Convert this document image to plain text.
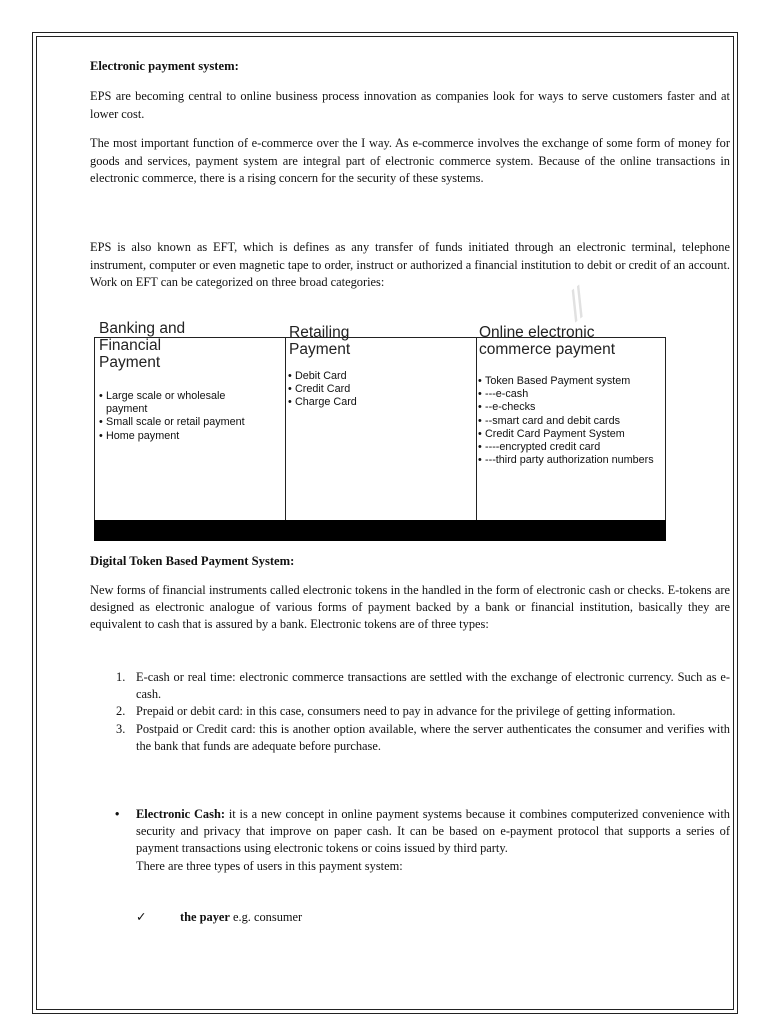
⁄⁄
Electronic payment system:

EPS are becoming central to online business process innovation as companies look for ways to serve customers faster and at lower cost.

The most important function of e-commerce over the I way. As e-commerce involves the exchange of some form of money for goods and services, payment system are integral part of electronic commerce system. Because of the online transactions in electronic commerce, there is a rising concern for the security of these systems.

EPS is also known as EFT, which is defines as any transfer of funds initiated through an electronic terminal, telephone instrument, computer or even magnetic tape to order, instruct or authorized a financial institution to debit or credit of an account. Work on EFT can be categorized on three broad categories:

Banking and
Financial
Payment
Retailing
Payment
Online electronic
commerce payment
• Large scale or wholesale payment
• Small scale or retail payment
• Home payment
• Debit Card
• Credit Card
• Charge Card
• Token Based Payment system
• ---e-cash
• --e-checks
• --smart card and debit cards
• Credit Card Payment System
• ----encrypted credit card
• ---third party authorization numbers
Digital Token Based Payment System:

New forms of financial instruments called electronic tokens in the handled in the form of electronic cash or checks. E-tokens are designed as electronic analogue of various forms of payment backed by a bank or financial institution, basically they are equivalent to cash that is assured by a bank. Electronic tokens are of three types:

1. E-cash or real time: electronic commerce transactions are settled with the exchange of electronic currency. Such as e-cash.
2. Prepaid or debit card: in this case, consumers need to pay in advance for the privilege of getting information.
3. Postpaid or Credit card: this is another option available, where the server authenticates the consumer and verifies with the bank that funds are adequate before purchase.
• Electronic Cash: it is a new concept in online payment systems because it combines computerized convenience with security and privacy that improve on paper cash. It can be based on e-payment protocol that supports a series of payment transactions using electronic tokens or coins issued by third party.
There are three types of users in this payment system:
✓	the payer e.g. consumer
